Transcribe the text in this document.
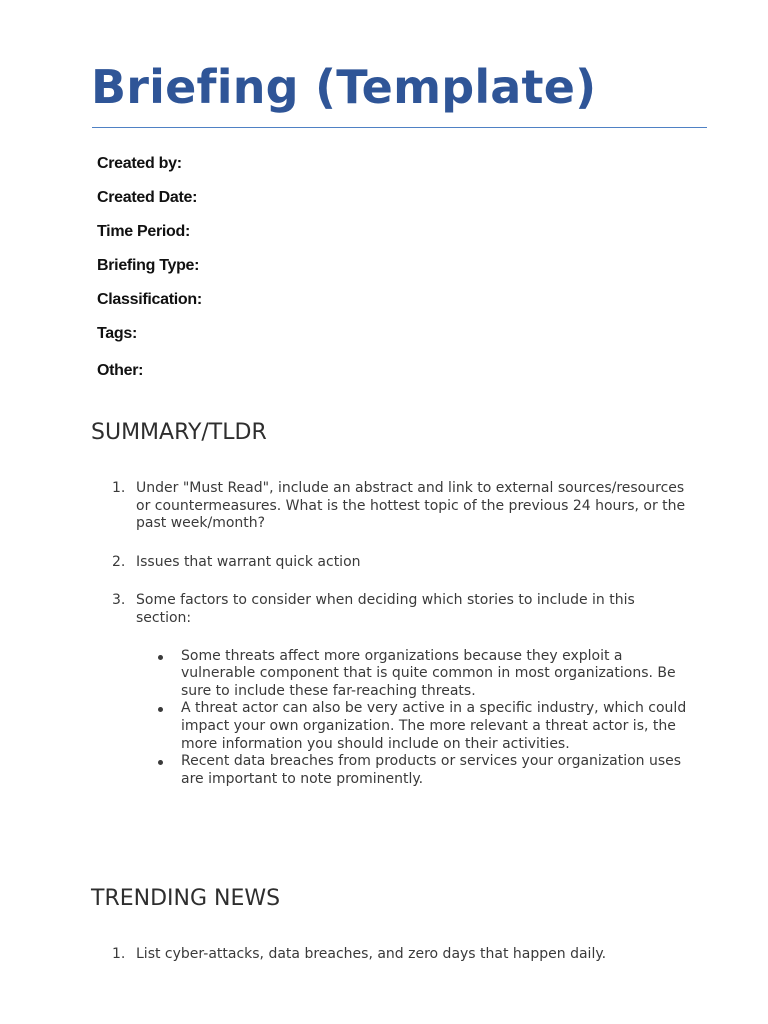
Briefing (Template)
Created by:
Created Date:
Time Period:
Briefing Type:
Classification:
Tags:
Other:
SUMMARY/TLDR
1. Under "Must Read", include an abstract and link to external sources/resources or countermeasures. What is the hottest topic of the previous 24 hours, or the past week/month?
2. Issues that warrant quick action
3. Some factors to consider when deciding which stories to include in this section:
Some threats affect more organizations because they exploit a vulnerable component that is quite common in most organizations. Be sure to include these far-reaching threats.
A threat actor can also be very active in a specific industry, which could impact your own organization. The more relevant a threat actor is, the more information you should include on their activities.
Recent data breaches from products or services your organization uses are important to note prominently.
TRENDING NEWS
1. List cyber-attacks, data breaches, and zero days that happen daily.
